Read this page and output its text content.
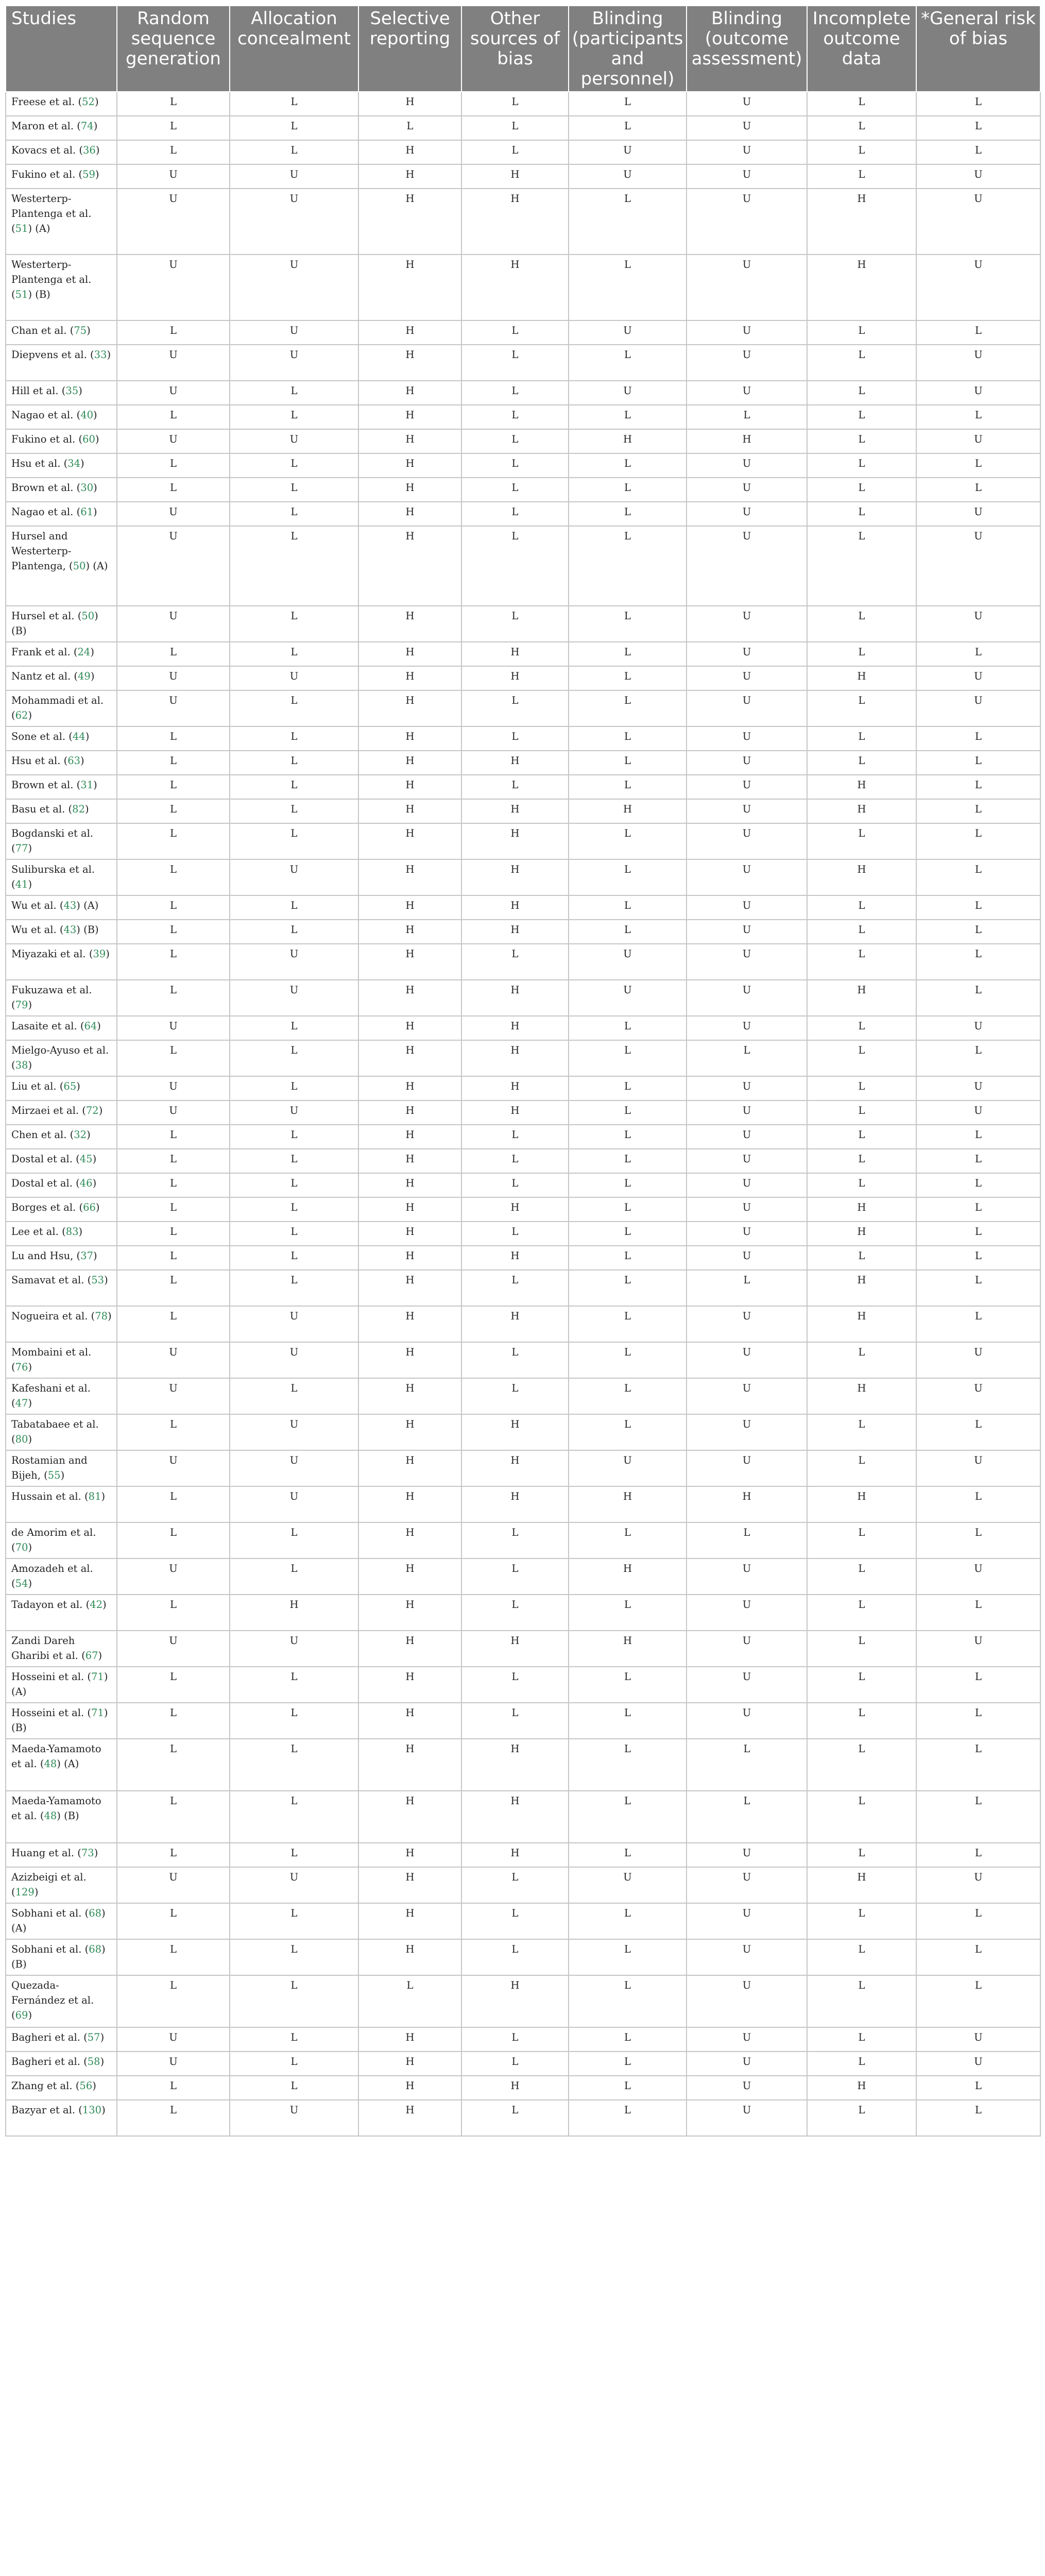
Studies	Random sequence generation	Allocation concealment	Selective reporting	Other sources of bias	Blinding (participants and personnel)	Blinding (outcome assessment)	Incomplete outcome data	*General risk of bias
Freese et al. (52)	L	L	H	L	L	U	L	L
Maron et al. (74)	L	L	L	L	L	U	L	L
Kovacs et al. (36)	L	L	H	L	U	U	L	L
Fukino et al. (59)	U	U	H	H	U	U	L	U
Westerterp-Plantenga et al. (51) (A)	U	U	H	H	L	U	H	U
Westerterp-Plantenga et al. (51) (B)	U	U	H	H	L	U	H	U
Chan et al. (75)	L	U	H	L	U	U	L	L
Diepvens et al. (33)	U	U	H	L	L	U	L	U
Hill et al. (35)	U	L	H	L	U	U	L	U
Nagao et al. (40)	L	L	H	L	L	L	L	L
Fukino et al. (60)	U	U	H	L	H	H	L	U
Hsu et al. (34)	L	L	H	L	L	U	L	L
Brown et al. (30)	L	L	H	L	L	U	L	L
Nagao et al. (61)	U	L	H	L	L	U	L	U
Hursel and Westerterp-Plantenga, (50) (A)	U	L	H	L	L	U	L	U
Hursel et al. (50) (B)	U	L	H	L	L	U	L	U
Frank et al. (24)	L	L	H	H	L	U	L	L
Nantz et al. (49)	U	U	H	H	L	U	H	U
Mohammadi et al. (62)	U	L	H	L	L	U	L	U
Sone et al. (44)	L	L	H	L	L	U	L	L
Hsu et al. (63)	L	L	H	H	L	U	L	L
Brown et al. (31)	L	L	H	L	L	U	H	L
Basu et al. (82)	L	L	H	H	H	U	H	L
Bogdanski et al. (77)	L	L	H	H	L	U	L	L
Suliburska et al. (41)	L	U	H	H	L	U	H	L
Wu et al. (43) (A)	L	L	H	H	L	U	L	L
Wu et al. (43) (B)	L	L	H	H	L	U	L	L
Miyazaki et al. (39)	L	U	H	L	U	U	L	L
Fukuzawa et al. (79)	L	U	H	H	U	U	H	L
Lasaite et al. (64)	U	L	H	H	L	U	L	U
Mielgo-Ayuso et al. (38)	L	L	H	H	L	L	L	L
Liu et al. (65)	U	L	H	H	L	U	L	U
Mirzaei et al. (72)	U	U	H	H	L	U	L	U
Chen et al. (32)	L	L	H	L	L	U	L	L
Dostal et al. (45)	L	L	H	L	L	U	L	L
Dostal et al. (46)	L	L	H	L	L	U	L	L
Borges et al. (66)	L	L	H	H	L	U	H	L
Lee et al. (83)	L	L	H	L	L	U	H	L
Lu and Hsu, (37)	L	L	H	H	L	U	L	L
Samavat et al. (53)	L	L	H	L	L	L	H	L
Nogueira et al. (78)	L	U	H	H	L	U	H	L
Mombaini et al. (76)	U	U	H	L	L	U	L	U
Kafeshani et al. (47)	U	L	H	L	L	U	H	U
Tabatabaee et al. (80)	L	U	H	H	L	U	L	L
Rostamian and Bijeh, (55)	U	U	H	H	U	U	L	U
Hussain et al. (81)	L	U	H	H	H	H	H	L
de Amorim et al. (70)	L	L	H	L	L	L	L	L
Amozadeh et al. (54)	U	L	H	L	H	U	L	U
Tadayon et al. (42)	L	H	H	L	L	U	L	L
Zandi Dareh Gharibi et al. (67)	U	U	H	H	H	U	L	U
Hosseini et al. (71) (A)	L	L	H	L	L	U	L	L
Hosseini et al. (71) (B)	L	L	H	L	L	U	L	L
Maeda-Yamamoto et al. (48) (A)	L	L	H	H	L	L	L	L
Maeda-Yamamoto et al. (48) (B)	L	L	H	H	L	L	L	L
Huang et al. (73)	L	L	H	H	L	U	L	L
Azizbeigi et al. (129)	U	U	H	L	U	U	H	U
Sobhani et al. (68) (A)	L	L	H	L	L	U	L	L
Sobhani et al. (68) (B)	L	L	H	L	L	U	L	L
Quezada-Fernández et al. (69)	L	L	L	H	L	U	L	L
Bagheri et al. (57)	U	L	H	L	L	U	L	U
Bagheri et al. (58)	U	L	H	L	L	U	L	U
Zhang et al. (56)	L	L	H	H	L	U	H	L
Bazyar et al. (130)	L	U	H	L	L	U	L	L
